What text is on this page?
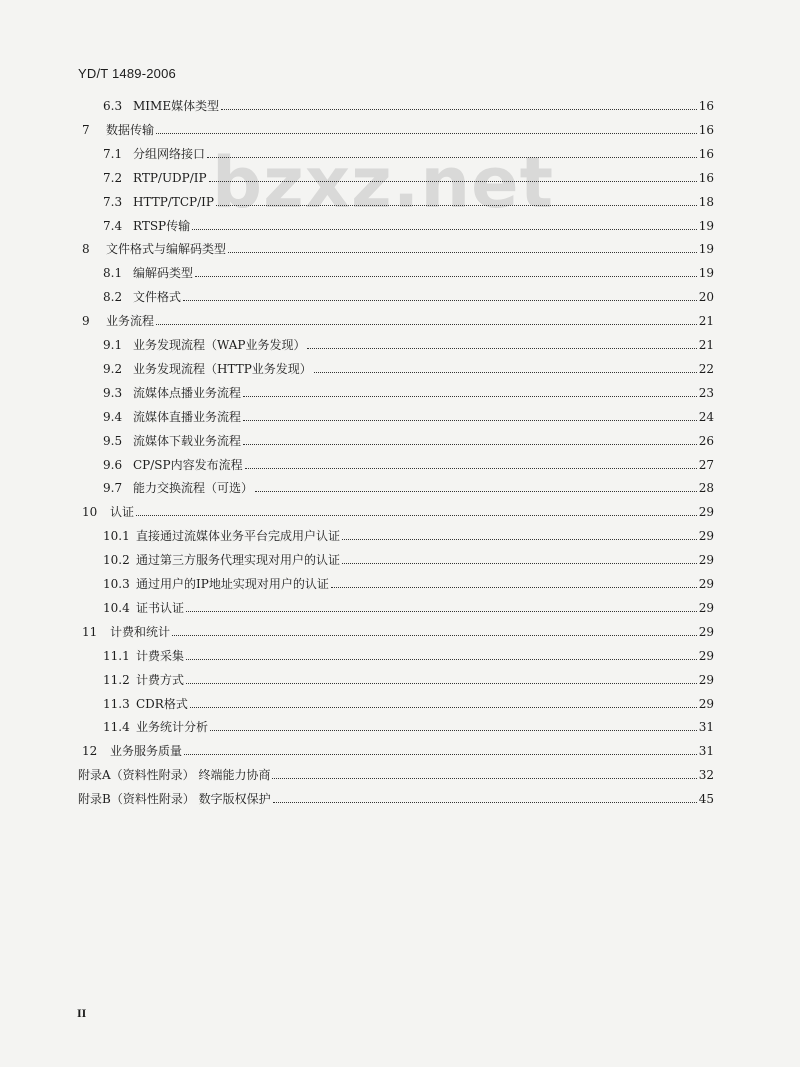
YD/T 1489-2006
bzxz.net
6.3 MIME媒体类型	16
7	数据传输	16
7.1 分组网络接口	16
7.2 RTP/UDP/IP	16
7.3 HTTP/TCP/IP	18
7.4 RTSP传输	19
8	文件格式与编解码类型	19
8.1 编解码类型	19
8.2 文件格式	20
9	业务流程	21
9.1 业务发现流程（WAP业务发现）	21
9.2 业务发现流程（HTTP业务发现）	22
9.3 流媒体点播业务流程	23
9.4 流媒体直播业务流程	24
9.5 流媒体下载业务流程	26
9.6 CP/SP内容发布流程	27
9.7 能力交换流程（可选）	28
10	认证	29
10.1 直接通过流媒体业务平台完成用户认证	29
10.2 通过第三方服务代理实现对用户的认证	29
10.3 通过用户的IP地址实现对用户的认证	29
10.4 证书认证	29
11	计费和统计	29
11.1 计费采集	29
11.2 计费方式	29
11.3 CDR格式	29
11.4 业务统计分析	31
12	业务服务质量	31
附录A（资料性附录） 终端能力协商	32
附录B（资料性附录） 数字版权保护	45
II
